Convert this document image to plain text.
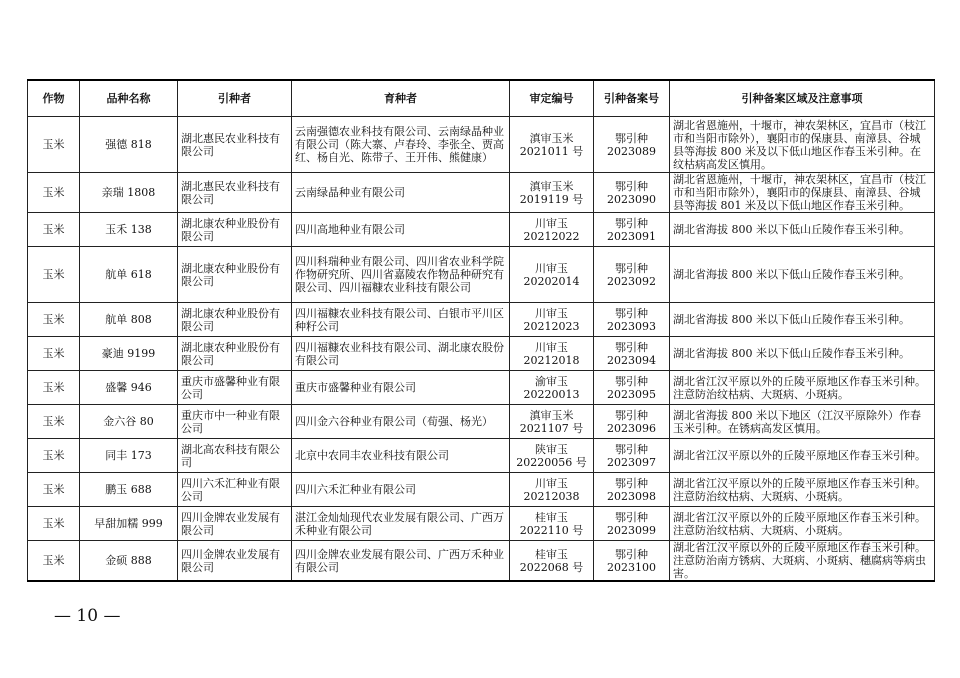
作物	品种名称	引种者	育种者	审定编号	引种备案号	引种备案区域及注意事项
玉米	强德 818	湖北惠民农业科技有限公司	云南强德农业科技有限公司、云南绿晶种业有限公司（陈大寨、卢春玲、李张全、贾高红、杨自光、陈带子、王开伟、熊健康）	滇审玉米 2021011 号	鄂引种 2023089	湖北省恩施州，十堰市，神农架林区，宜昌市（枝江市和当阳市除外），襄阳市的保康县、南漳县、谷城县等海拔 800 米及以下低山地区作春玉米引种。在纹枯病高发区慎用。
玉米	亲瑞 1808	湖北惠民农业科技有限公司	云南绿晶种业有限公司	滇审玉米 2019119 号	鄂引种 2023090	湖北省恩施州，十堰市，神农架林区，宜昌市（枝江市和当阳市除外），襄阳市的保康县、南漳县、谷城县等海拔 801 米及以下低山地区作春玉米引种。
玉米	玉禾 138	湖北康农种业股份有限公司	四川高地种业有限公司	川审玉 20212022	鄂引种 2023091	湖北省海拔 800 米以下低山丘陵作春玉米引种。
玉米	航单 618	湖北康农种业股份有限公司	四川科瑞种业有限公司、四川省农业科学院作物研究所、四川省嘉陵农作物品种研究有限公司、四川福糠农业科技有限公司	川审玉 20202014	鄂引种 2023092	湖北省海拔 800 米以下低山丘陵作春玉米引种。
玉米	航单 808	湖北康农种业股份有限公司	四川福糠农业科技有限公司、白银市平川区种籽公司	川审玉 20212023	鄂引种 2023093	湖北省海拔 800 米以下低山丘陵作春玉米引种。
玉米	豪迪 9199	湖北康农种业股份有限公司	四川福糠农业科技有限公司、湖北康农股份有限公司	川审玉 20212018	鄂引种 2023094	湖北省海拔 800 米以下低山丘陵作春玉米引种。
玉米	盛馨 946	重庆市盛馨种业有限公司	重庆市盛馨种业有限公司	渝审玉 20220013	鄂引种 2023095	湖北省江汉平原以外的丘陵平原地区作春玉米引种。注意防治纹枯病、大斑病、小斑病。
玉米	金六谷 80	重庆市中一种业有限公司	四川金六谷种业有限公司（荀强、杨光）	滇审玉米 2021107 号	鄂引种 2023096	湖北省海拔 800 米以下地区（江汉平原除外）作春玉米引种。在锈病高发区慎用。
玉米	同丰 173	湖北高农科技有限公司	北京中农同丰农业科技有限公司	陕审玉 20220056 号	鄂引种 2023097	湖北省江汉平原以外的丘陵平原地区作春玉米引种。
玉米	鹏玉 688	四川六禾汇种业有限公司	四川六禾汇种业有限公司	川审玉 20212038	鄂引种 2023098	湖北省江汉平原以外的丘陵平原地区作春玉米引种。注意防治纹枯病、大斑病、小斑病。
玉米	早甜加糯 999	四川金牌农业发展有限公司	湛江金灿灿现代农业发展有限公司、广西万禾种业有限公司	桂审玉 2022110 号	鄂引种 2023099	湖北省江汉平原以外的丘陵平原地区作春玉米引种。注意防治纹枯病、大斑病、小斑病。
玉米	金硕 888	四川金牌农业发展有限公司	四川金牌农业发展有限公司、广西万禾种业有限公司	桂审玉 2022068 号	鄂引种 2023100	湖北省江汉平原以外的丘陵平原地区作春玉米引种。注意防治南方锈病、大斑病、小斑病、穗腐病等病虫害。
— 10 —
